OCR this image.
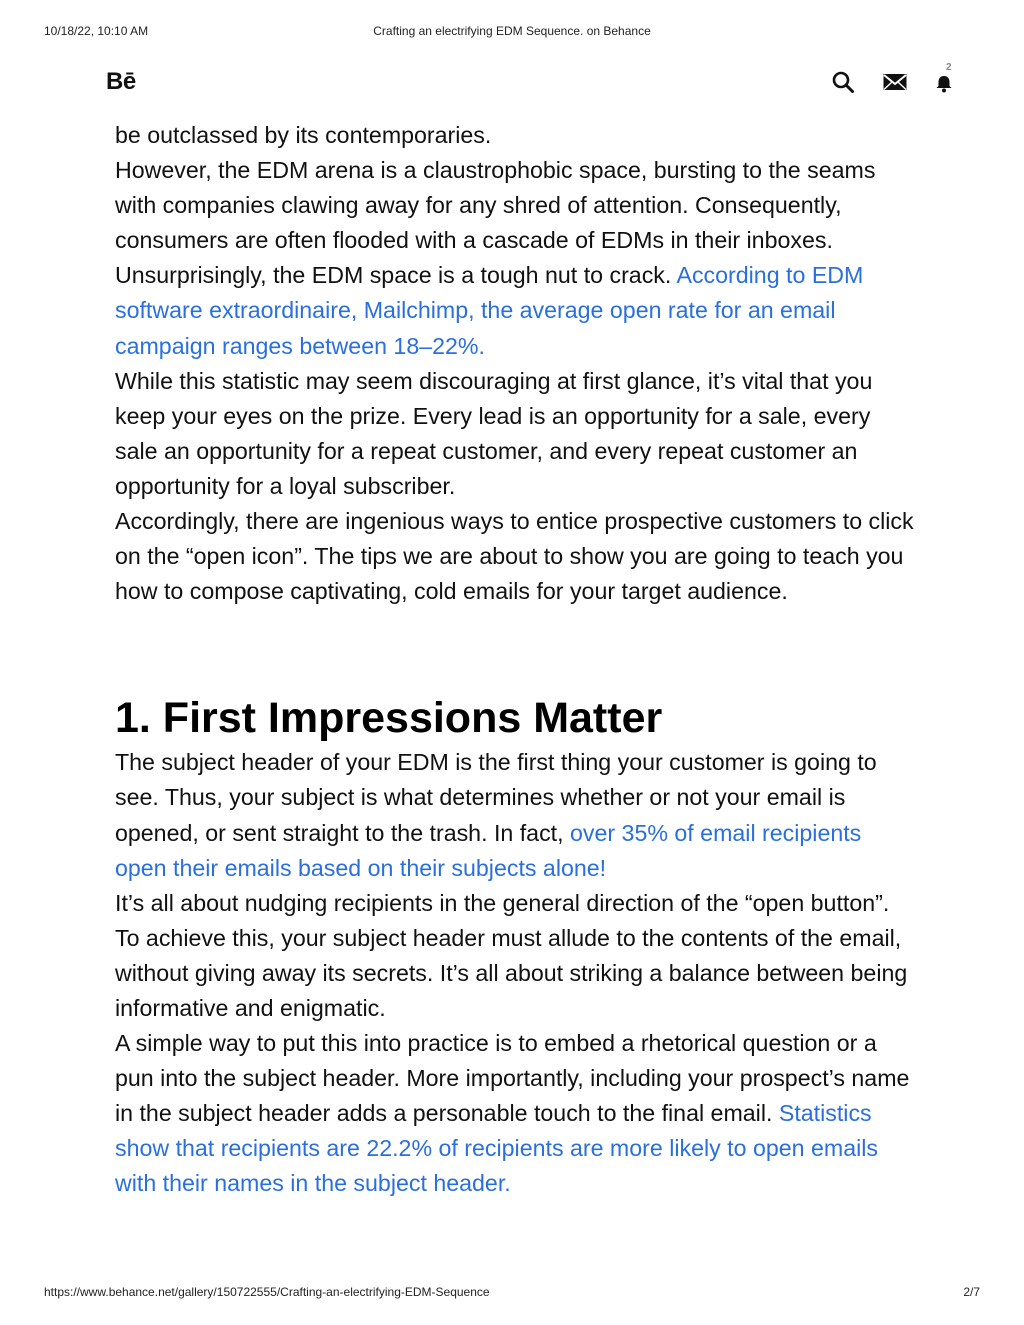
10/18/22, 10:10 AM	Crafting an electrifying EDM Sequence. on Behance
Bē
2

be outclassed by its contemporaries.

However, the EDM arena is a claustrophobic space, bursting to the seams with companies clawing away for any shred of attention. Consequently, consumers are often flooded with a cascade of EDMs in their inboxes.

Unsurprisingly, the EDM space is a tough nut to crack. According to EDM software extraordinaire, Mailchimp, the average open rate for an email campaign ranges between 18–22%.

While this statistic may seem discouraging at first glance, it’s vital that you keep your eyes on the prize. Every lead is an opportunity for a sale, every sale an opportunity for a repeat customer, and every repeat customer an opportunity for a loyal subscriber.

Accordingly, there are ingenious ways to entice prospective customers to click on the “open icon”. The tips we are about to show you are going to teach you how to compose captivating, cold emails for your target audience.

1. First Impressions Matter

The subject header of your EDM is the first thing your customer is going to see. Thus, your subject is what determines whether or not your email is opened, or sent straight to the trash. In fact, over 35% of email recipients open their emails based on their subjects alone!

It’s all about nudging recipients in the general direction of the “open button”. To achieve this, your subject header must allude to the contents of the email, without giving away its secrets. It’s all about striking a balance between being informative and enigmatic.

A simple way to put this into practice is to embed a rhetorical question or a pun into the subject header. More importantly, including your prospect’s name in the subject header adds a personable touch to the final email. Statistics show that recipients are 22.2% of recipients are more likely to open emails with their names in the subject header.

https://www.behance.net/gallery/150722555/Crafting-an-electrifying-EDM-Sequence	2/7
